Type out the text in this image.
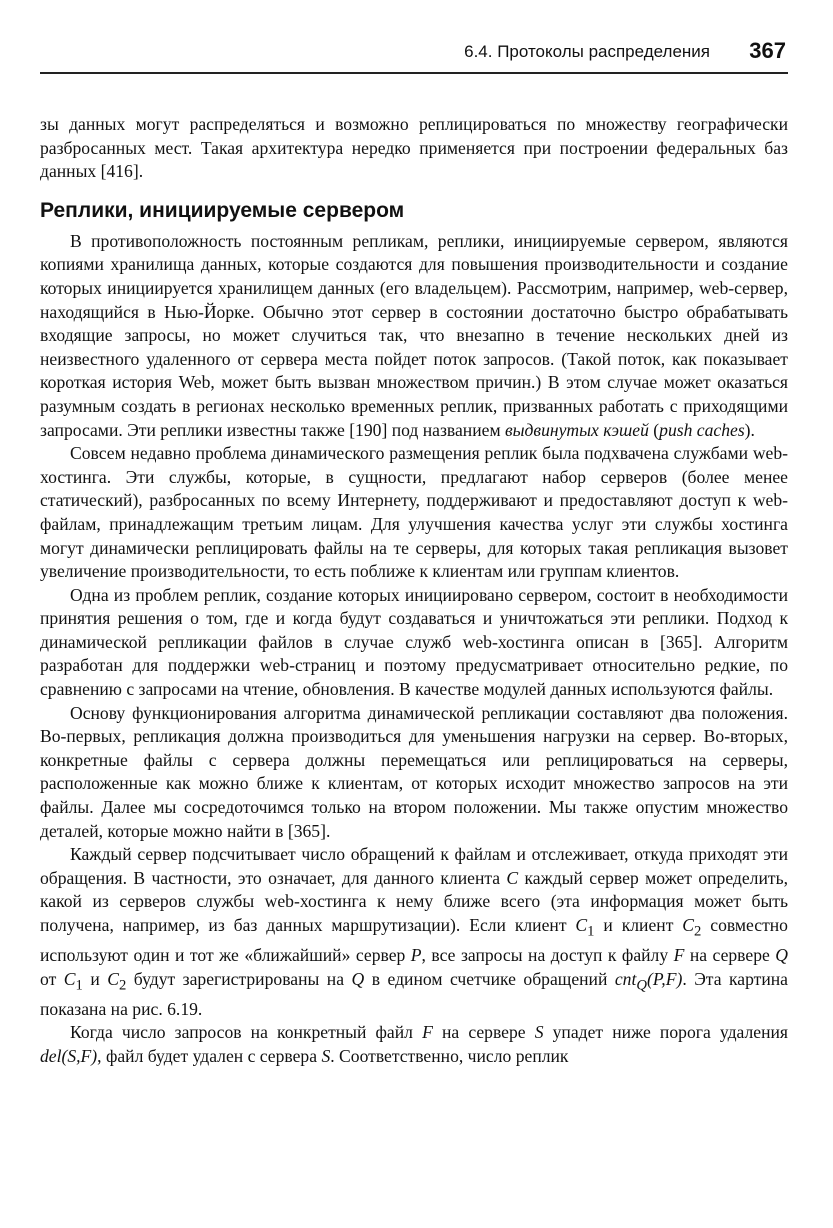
6.4. Протоколы распределения 367

зы данных могут распределяться и возможно реплицироваться по множеству географически разбросанных мест. Такая архитектура нередко применяется при построении федеральных баз данных [416].

Реплики, инициируемые сервером

В противоположность постоянным репликам, реплики, инициируемые сервером, являются копиями хранилища данных, которые создаются для повышения производительности и создание которых инициируется хранилищем данных (его владельцем). Рассмотрим, например, web-сервер, находящийся в Нью-Йорке. Обычно этот сервер в состоянии достаточно быстро обрабатывать входящие запросы, но может случиться так, что внезапно в течение нескольких дней из неизвестного удаленного от сервера места пойдет поток запросов. (Такой поток, как показывает короткая история Web, может быть вызван множеством причин.) В этом случае может оказаться разумным создать в регионах несколько временных реплик, призванных работать с приходящими запросами. Эти реплики известны также [190] под названием выдвинутых кэшей (push caches).

Совсем недавно проблема динамического размещения реплик была подхвачена службами web-хостинга. Эти службы, которые, в сущности, предлагают набор серверов (более менее статический), разбросанных по всему Интернету, поддерживают и предоставляют доступ к web-файлам, принадлежащим третьим лицам. Для улучшения качества услуг эти службы хостинга могут динамически реплицировать файлы на те серверы, для которых такая репликация вызовет увеличение производительности, то есть поближе к клиентам или группам клиентов.

Одна из проблем реплик, создание которых инициировано сервером, состоит в необходимости принятия решения о том, где и когда будут создаваться и уничтожаться эти реплики. Подход к динамической репликации файлов в случае служб web-хостинга описан в [365]. Алгоритм разработан для поддержки web-страниц и поэтому предусматривает относительно редкие, по сравнению с запросами на чтение, обновления. В качестве модулей данных используются файлы.

Основу функционирования алгоритма динамической репликации составляют два положения. Во-первых, репликация должна производиться для уменьшения нагрузки на сервер. Во-вторых, конкретные файлы с сервера должны перемещаться или реплицироваться на серверы, расположенные как можно ближе к клиентам, от которых исходит множество запросов на эти файлы. Далее мы сосредоточимся только на втором положении. Мы также опустим множество деталей, которые можно найти в [365].

Каждый сервер подсчитывает число обращений к файлам и отслеживает, откуда приходят эти обращения. В частности, это означает, для данного клиента C каждый сервер может определить, какой из серверов службы web-хостинга к нему ближе всего (эта информация может быть получена, например, из баз данных маршрутизации). Если клиент $C_1$ и клиент $C_2$ совместно используют один и тот же «ближайший» сервер P, все запросы на доступ к файлу F на сервере Q от $C_1$ и $C_2$ будут зарегистрированы на Q в едином счетчике обращений cnt$_Q$(P,F). Эта картина показана на рис. 6.19.

Когда число запросов на конкретный файл F на сервере S упадет ниже порога удаления del(S,F), файл будет удален с сервера S. Соответственно, число реплик
